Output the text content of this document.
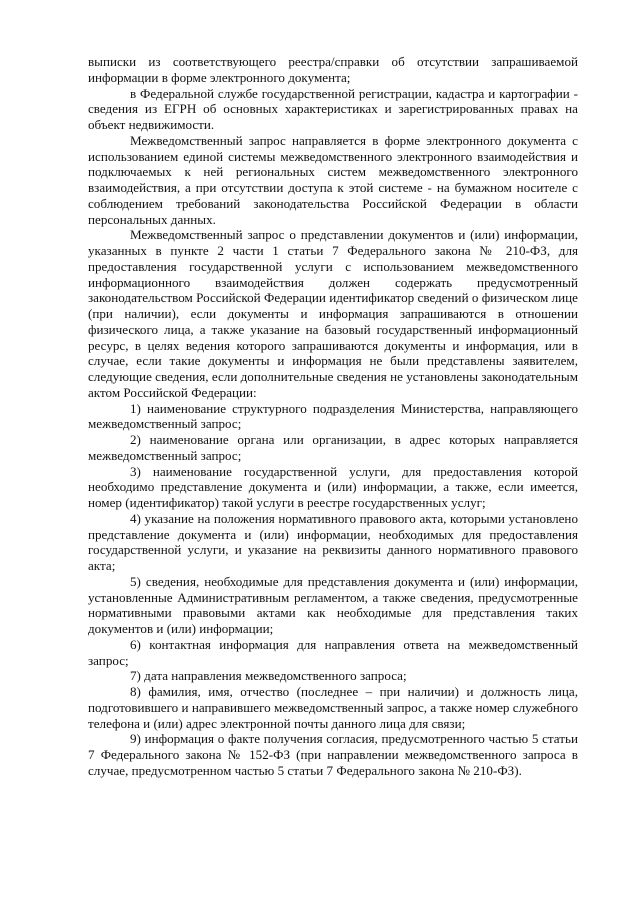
выписки из соответствующего реестра/справки об отсутствии запрашиваемой информации в форме электронного документа;

в Федеральной службе государственной регистрации, кадастра и картографии - сведения из ЕГРН об основных характеристиках и зарегистрированных правах на объект недвижимости.

Межведомственный запрос направляется в форме электронного документа с использованием единой системы межведомственного электронного взаимодействия и подключаемых к ней региональных систем межведомственного электронного взаимодействия, а при отсутствии доступа к этой системе - на бумажном носителе с соблюдением требований законодательства Российской Федерации в области персональных данных.

Межведомственный запрос о представлении документов и (или) информации, указанных в пункте 2 части 1 статьи 7 Федерального закона № 210-ФЗ, для предоставления государственной услуги с использованием межведомственного информационного взаимодействия должен содержать предусмотренный законодательством Российской Федерации идентификатор сведений о физическом лице (при наличии), если документы и информация запрашиваются в отношении физического лица, а также указание на базовый государственный информационный ресурс, в целях ведения которого запрашиваются документы и информация, или в случае, если такие документы и информация не были представлены заявителем, следующие сведения, если дополнительные сведения не установлены законодательным актом Российской Федерации:

1) наименование структурного подразделения Министерства, направляющего межведомственный запрос;

2) наименование органа или организации, в адрес которых направляется межведомственный запрос;

3) наименование государственной услуги, для предоставления которой необходимо представление документа и (или) информации, а также, если имеется, номер (идентификатор) такой услуги в реестре государственных услуг;

4) указание на положения нормативного правового акта, которыми установлено представление документа и (или) информации, необходимых для предоставления государственной услуги, и указание на реквизиты данного нормативного правового акта;

5) сведения, необходимые для представления документа и (или) информации, установленные Административным регламентом, а также сведения, предусмотренные нормативными правовыми актами как необходимые для представления таких документов и (или) информации;

6) контактная информация для направления ответа на межведомственный запрос;

7) дата направления межведомственного запроса;

8) фамилия, имя, отчество (последнее – при наличии) и должность лица, подготовившего и направившего межведомственный запрос, а также номер служебного телефона и (или) адрес электронной почты данного лица для связи;

9) информация о факте получения согласия, предусмотренного частью 5 статьи 7 Федерального закона № 152-ФЗ (при направлении межведомственного запроса в случае, предусмотренном частью 5 статьи 7 Федерального закона № 210-ФЗ).
